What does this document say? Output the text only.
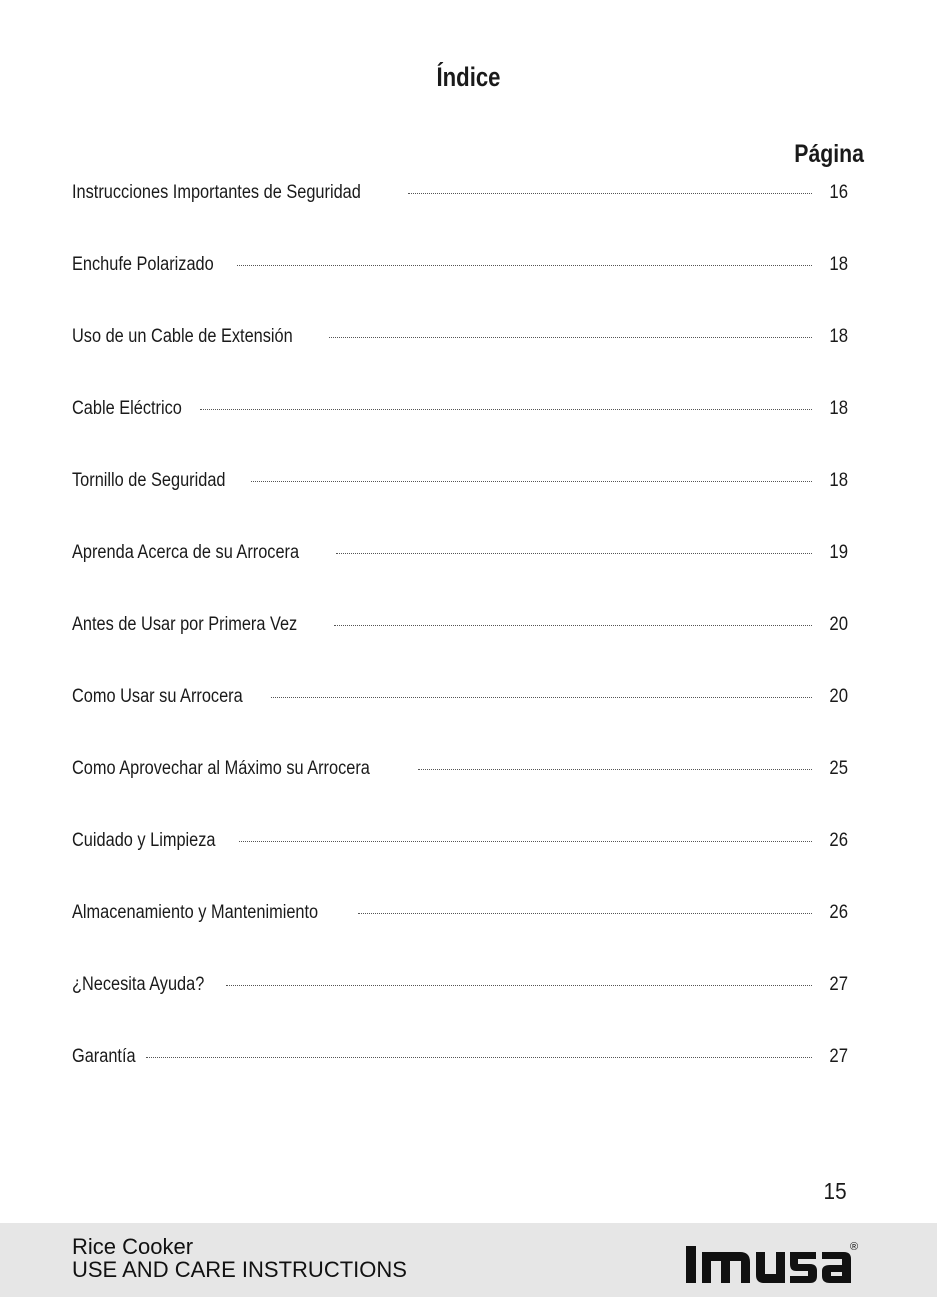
Índice
Página
Instrucciones Importantes de Seguridad	16
Enchufe Polarizado	18
Uso de un Cable de Extensión	18
Cable Eléctrico	18
Tornillo de Seguridad	18
Aprenda Acerca de su Arrocera	19
Antes de Usar por Primera Vez	20
Como Usar su Arrocera	20
Como Aprovechar al Máximo su Arrocera	25
Cuidado y Limpieza	26
Almacenamiento y Mantenimiento	26
¿Necesita Ayuda?	27
Garantía	27
15
Rice Cooker
USE AND CARE INSTRUCTIONS
®
